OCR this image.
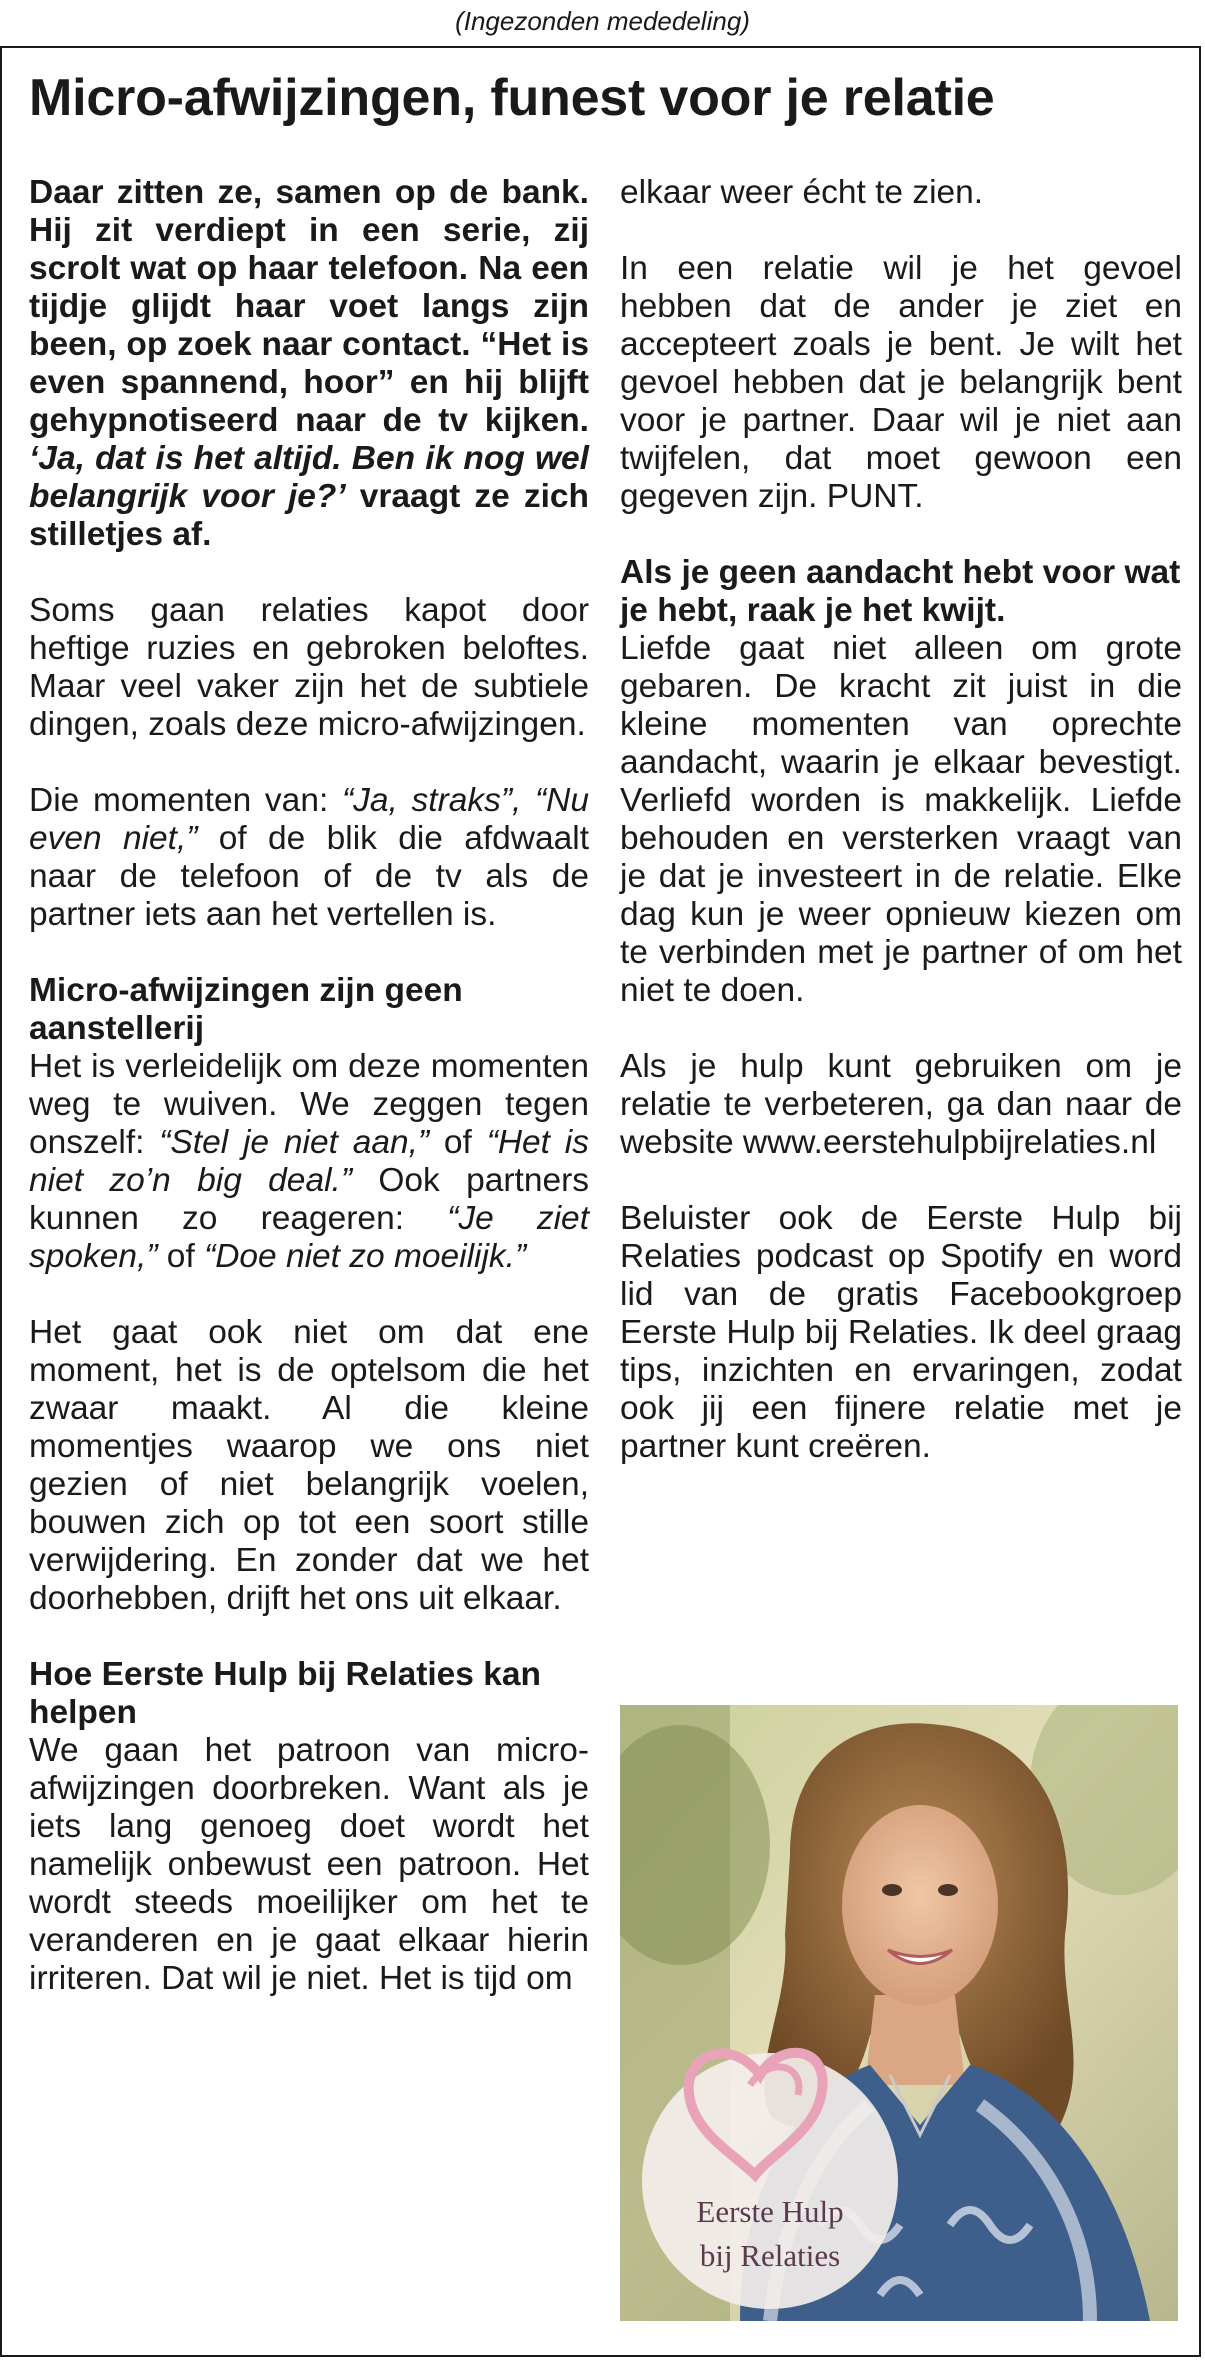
(Ingezonden mededeling)
Micro-afwijzingen, funest voor je relatie

Daar zitten ze, samen op de bank. Hij zit verdiept in een serie, zij scrolt wat op haar telefoon. Na een tijdje glijdt haar voet langs zijn been, op zoek naar contact. “Het is even spannend, hoor” en hij blijft gehypnotiseerd naar de tv kijken. ‘Ja, dat is het altijd. Ben ik nog wel belangrijk voor je?’ vraagt ze zich stilletjes af.

Soms gaan relaties kapot door heftige ruzies en gebroken beloftes. Maar veel vaker zijn het de subtiele dingen, zoals deze micro-afwijzingen.

Die momenten van: “Ja, straks”, “Nu even niet,” of de blik die afdwaalt naar de telefoon of de tv als de partner iets aan het vertellen is.

Micro-afwijzingen zijn geen aanstellerij

Het is verleidelijk om deze momenten weg te wuiven. We zeggen tegen onszelf: “Stel je niet aan,” of “Het is niet zo’n big deal.” Ook partners kunnen zo reageren: “Je ziet spoken,” of “Doe niet zo moeilijk.”

Het gaat ook niet om dat ene moment, het is de optelsom die het zwaar maakt. Al die kleine momentjes waarop we ons niet gezien of niet belangrijk voelen, bouwen zich op tot een soort stille verwijdering. En zonder dat we het doorhebben, drijft het ons uit elkaar.

Hoe Eerste Hulp bij Relaties kan helpen

We gaan het patroon van micro-afwijzingen doorbreken. Want als je iets lang genoeg doet wordt het namelijk onbewust een patroon. Het wordt steeds moeilijker om het te veranderen en je gaat elkaar hierin irriteren. Dat wil je niet. Het is tijd om

elkaar weer écht te zien.

In een relatie wil je het gevoel hebben dat de ander je ziet en accepteert zoals je bent. Je wilt het gevoel hebben dat je belangrijk bent voor je partner. Daar wil je niet aan twijfelen, dat moet gewoon een gegeven zijn. PUNT.

Als je geen aandacht hebt voor wat je hebt, raak je het kwijt.

Liefde gaat niet alleen om grote gebaren. De kracht zit juist in die kleine momenten van oprechte aandacht, waarin je elkaar bevestigt. Verliefd worden is makkelijk. Liefde behouden en versterken vraagt van je dat je investeert in de relatie. Elke dag kun je weer opnieuw kiezen om te verbinden met je partner of om het niet te doen.

Als je hulp kunt gebruiken om je relatie te verbeteren, ga dan naar de website www.eerstehulpbijrelaties.nl

Beluister ook de Eerste Hulp bij Relaties podcast op Spotify en word lid van de gratis Facebookgroep Eerste Hulp bij Relaties. Ik deel graag tips, inzichten en ervaringen, zodat ook jij een fijnere relatie met je partner kunt creëren.

Eerste Hulp
bij Relaties
